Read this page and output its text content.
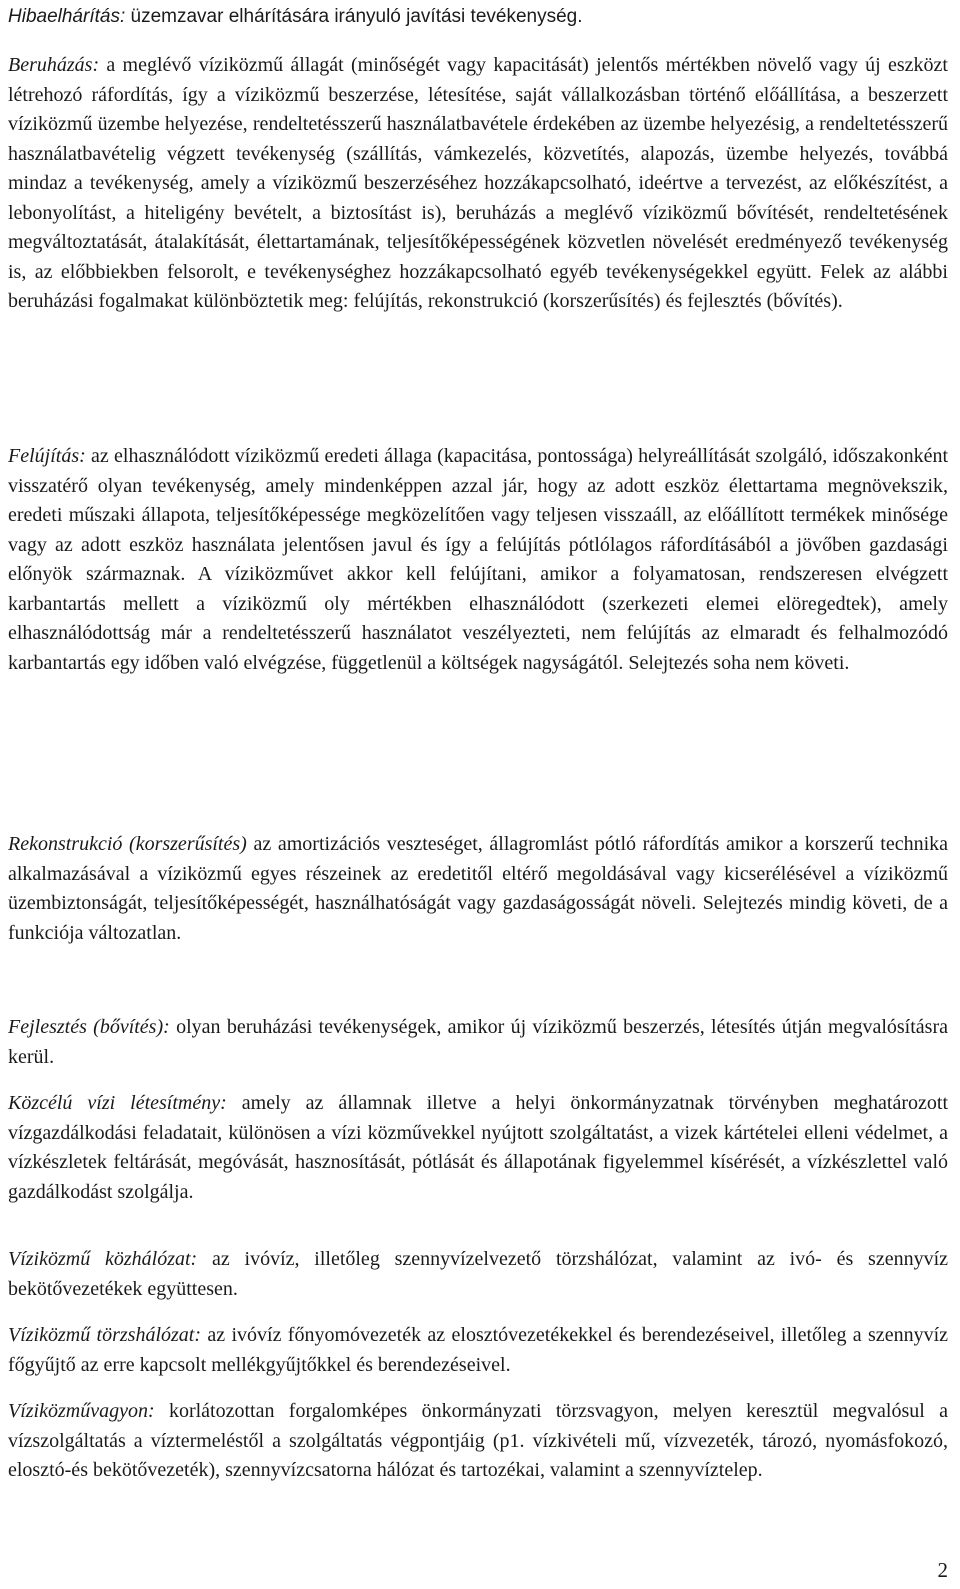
Hibaelhárítás: üzemzavar elhárítására irányuló javítási tevékenység.

Beruházás: a meglévő víziközmű állagát (minőségét vagy kapacitását) jelentős mértékben növelő vagy új eszközt létrehozó ráfordítás, így a víziközmű beszerzése, létesítése, saját vállalkozásban történő előállítása, a beszerzett víziközmű üzembe helyezése, rendeltetésszerű használatbavétele érdekében az üzembe helyezésig, a rendeltetésszerű használatbavételig végzett tevékenység (szállítás, vámkezelés, közvetítés, alapozás, üzembe helyezés, továbbá mindaz a tevékenység, amely a víziközmű beszerzéséhez hozzákapcsolható, ideértve a tervezést, az előkészítést, a lebonyolítást, a hiteligény bevételt, a biztosítást is), beruházás a meglévő víziközmű bővítését, rendeltetésének megváltoztatását, átalakítását, élettartamának, teljesítőképességének közvetlen növelését eredményező tevékenység is, az előbbiekben felsorolt, e tevékenységhez hozzákapcsolható egyéb tevékenységekkel együtt. Felek az alábbi beruházási fogalmakat különböztetik meg: felújítás, rekonstrukció (korszerűsítés) és fejlesztés (bővítés).

Felújítás: az elhasználódott víziközmű eredeti állaga (kapacitása, pontossága) helyreállítását szolgáló, időszakonként visszatérő olyan tevékenység, amely mindenképpen azzal jár, hogy az adott eszköz élettartama megnövekszik, eredeti műszaki állapota, teljesítőképessége megközelítően vagy teljesen visszaáll, az előállított termékek minősége vagy az adott eszköz használata jelentősen javul és így a felújítás pótlólagos ráfordításából a jövőben gazdasági előnyök származnak. A víziközművet akkor kell felújítani, amikor a folyamatosan, rendszeresen elvégzett karbantartás mellett a víziközmű oly mértékben elhasználódott (szerkezeti elemei elöregedtek), amely elhasználódottság már a rendeltetésszerű használatot veszélyezteti, nem felújítás az elmaradt és felhalmozódó karbantartás egy időben való elvégzése, függetlenül a költségek nagyságától. Selejtezés soha nem követi.

Rekonstrukció (korszerűsítés) az amortizációs veszteséget, állagromlást pótló ráfordítás amikor a korszerű technika alkalmazásával a víziközmű egyes részeinek az eredetitől eltérő megoldásával vagy kicserélésével a víziközmű üzembiztonságát, teljesítőképességét, használhatóságát vagy gazdaságosságát növeli. Selejtezés mindig követi, de a funkciója változatlan.

Fejlesztés (bővítés): olyan beruházási tevékenységek, amikor új víziközmű beszerzés, létesítés útján megvalósításra kerül.

Közcélú vízi létesítmény: amely az államnak illetve a helyi önkormányzatnak törvényben meghatározott vízgazdálkodási feladatait, különösen a vízi közművekkel nyújtott szolgáltatást, a vizek kártételei elleni védelmet, a vízkészletek feltárását, megóvását, hasznosítását, pótlását és állapotának figyelemmel kísérését, a vízkészlettel való gazdálkodást szolgálja.

Víziközmű közhálózat: az ivóvíz, illetőleg szennyvízelvezető törzshálózat, valamint az ivó- és szennyvíz bekötővezetékek együttesen.

Víziközmű törzshálózat: az ivóvíz főnyomóvezeték az elosztóvezetékekkel és berendezéseivel, illetőleg a szennyvíz főgyűjtő az erre kapcsolt mellékgyűjtőkkel és berendezéseivel.

Víziközművagyon: korlátozottan forgalomképes önkormányzati törzsvagyon, melyen keresztül megvalósul a vízszolgáltatás a víztermeléstől a szolgáltatás végpontjáig (p1. vízkivételi mű, vízvezeték, tározó, nyomásfokozó, elosztó-és bekötővezeték), szennyvízcsatorna hálózat és tartozékai, valamint a szennyvíztelep.

2
